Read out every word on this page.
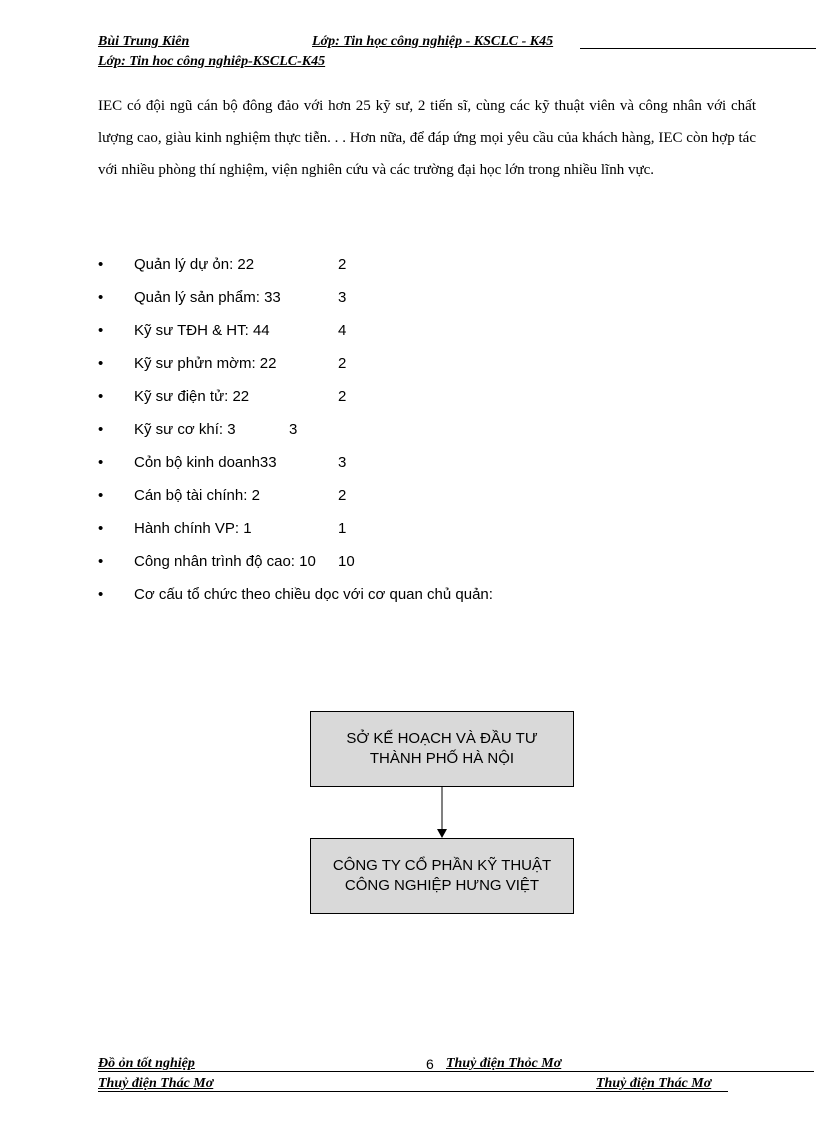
Bùi Trung Kiên	Lớp: Tin học công nghiệp - KSCLC - K45
Lớp: Tin hoc công nghiêp-KSCLC-K45

IEC có đội ngũ cán bộ đông đảo với hơn 25 kỹ sư, 2 tiến sĩ, cùng các kỹ thuật viên và công nhân với chất lượng cao, giàu kinh nghiệm thực tiễn. . . Hơn nữa, để đáp ứng mọi yêu cầu của khách hàng, IEC còn hợp tác với nhiều phòng thí nghiệm, viện nghiên cứu và các trường đại học lớn trong nhiều lĩnh vực.

• Quản lý dự ỏn: 22	2
• Quản lý sản phẩm: 33	3
• Kỹ sư TĐH & HT: 44	4
• Kỹ sư phửn mờm: 22	2
• Kỹ sư điện tử: 22	2
• Kỹ sư cơ khí: 3	3
• Cỏn bộ kinh doanh33	3
• Cán bộ tài chính: 2	2
• Hành chính VP: 1	1
• Công nhân trình độ cao: 10 10
• Cơ cấu tổ chức theo chiều dọc với cơ quan chủ quản:
SỞ KẾ HOẠCH VÀ ĐẦU TƯ
THÀNH PHỐ HÀ NỘI
CÔNG TY CỔ PHẦN KỸ THUẬT
CÔNG NGHIỆP HƯNG VIỆT
Đồ ỏn tốt nghiệp	6 Thuỷ điện Thỏc Mơ
Thuỷ điện Thác Mơ	Thuỷ điện Thác Mơ
